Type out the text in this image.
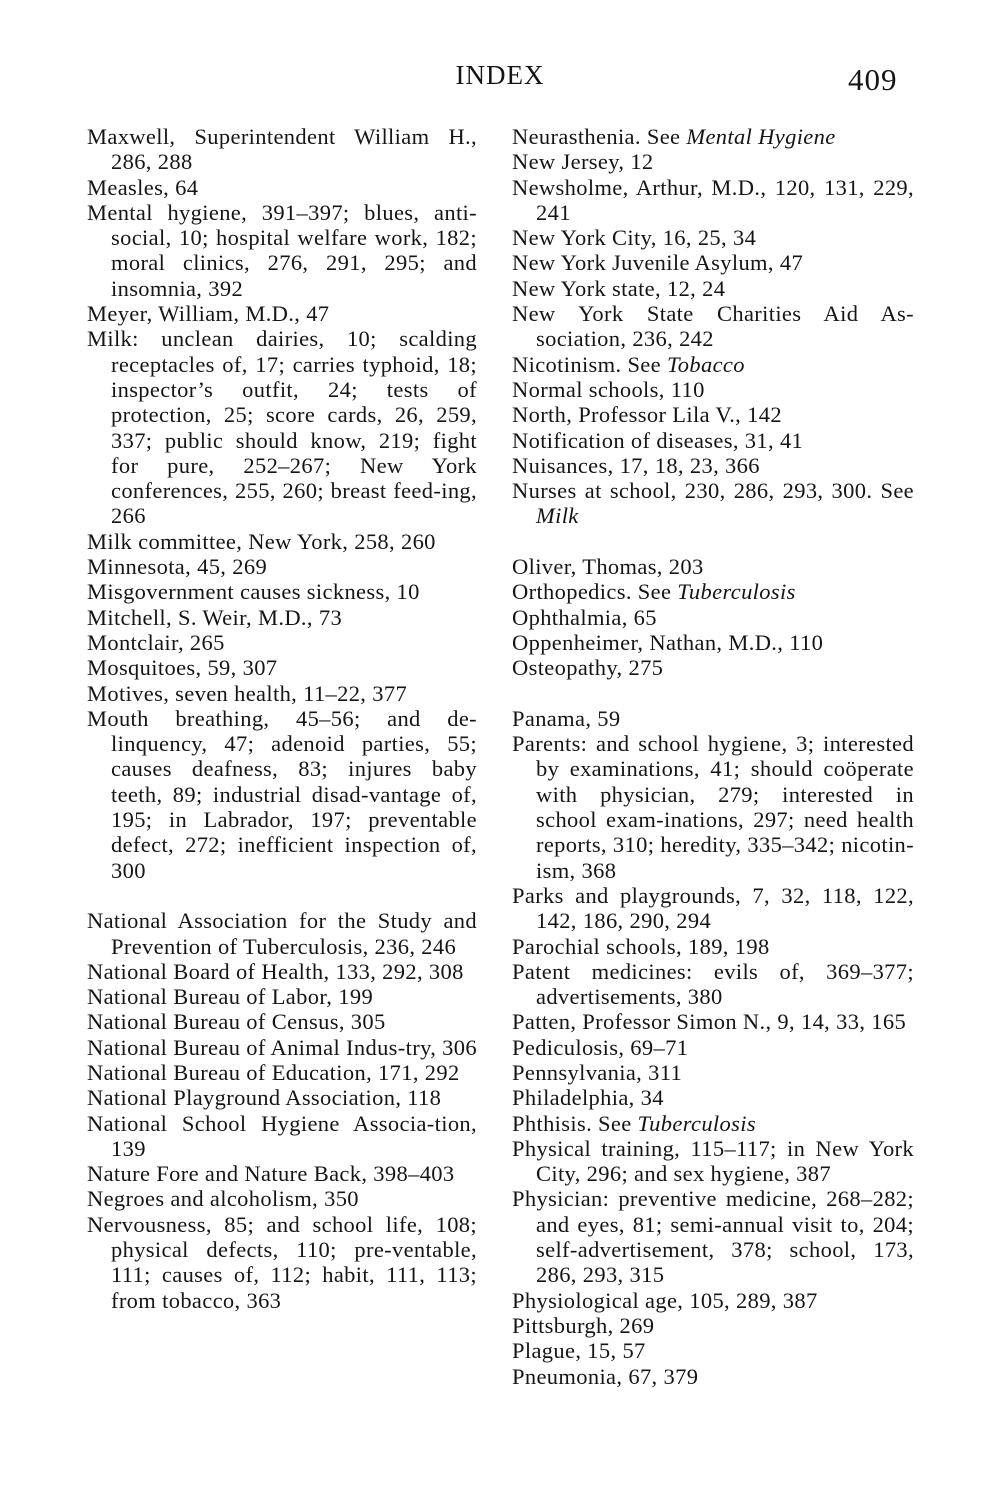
INDEX	409
Maxwell, Superintendent William H., 286, 288
Measles, 64
Mental hygiene, 391–397; blues, anti-social, 10; hospital welfare work, 182; moral clinics, 276, 291, 295; and insomnia, 392
Meyer, William, M.D., 47
Milk: unclean dairies, 10; scalding receptacles of, 17; carries typhoid, 18; inspector’s outfit, 24; tests of protection, 25; score cards, 26, 259, 337; public should know, 219; fight for pure, 252–267; New York conferences, 255, 260; breast feed-ing, 266
Milk committee, New York, 258, 260
Minnesota, 45, 269
Misgovernment causes sickness, 10
Mitchell, S. Weir, M.D., 73
Montclair, 265
Mosquitoes, 59, 307
Motives, seven health, 11–22, 377
Mouth breathing, 45–56; and de-linquency, 47; adenoid parties, 55; causes deafness, 83; injures baby teeth, 89; industrial disad-vantage of, 195; in Labrador, 197; preventable defect, 272; inefficient inspection of, 300
National Association for the Study and Prevention of Tuberculosis, 236, 246
National Board of Health, 133, 292, 308
National Bureau of Labor, 199
National Bureau of Census, 305
National Bureau of Animal Indus-try, 306
National Bureau of Education, 171, 292
National Playground Association, 118
National School Hygiene Associa-tion, 139
Nature Fore and Nature Back, 398–403
Negroes and alcoholism, 350
Nervousness, 85; and school life, 108; physical defects, 110; pre-ventable, 111; causes of, 112; habit, 111, 113; from tobacco, 363
Neurasthenia. See Mental Hygiene
New Jersey, 12
Newsholme, Arthur, M.D., 120, 131, 229, 241
New York City, 16, 25, 34
New York Juvenile Asylum, 47
New York state, 12, 24
New York State Charities Aid As-sociation, 236, 242
Nicotinism. See Tobacco
Normal schools, 110
North, Professor Lila V., 142
Notification of diseases, 31, 41
Nuisances, 17, 18, 23, 366
Nurses at school, 230, 286, 293, 300. See Milk
Oliver, Thomas, 203
Orthopedics. See Tuberculosis
Ophthalmia, 65
Oppenheimer, Nathan, M.D., 110
Osteopathy, 275
Panama, 59
Parents: and school hygiene, 3; interested by examinations, 41; should coöperate with physician, 279; interested in school exam-inations, 297; need health reports, 310; heredity, 335–342; nicotin-ism, 368
Parks and playgrounds, 7, 32, 118, 122, 142, 186, 290, 294
Parochial schools, 189, 198
Patent medicines: evils of, 369–377; advertisements, 380
Patten, Professor Simon N., 9, 14, 33, 165
Pediculosis, 69–71
Pennsylvania, 311
Philadelphia, 34
Phthisis. See Tuberculosis
Physical training, 115–117; in New York City, 296; and sex hygiene, 387
Physician: preventive medicine, 268–282; and eyes, 81; semi-annual visit to, 204; self-advertisement, 378; school, 173, 286, 293, 315
Physiological age, 105, 289, 387
Pittsburgh, 269
Plague, 15, 57
Pneumonia, 67, 379
